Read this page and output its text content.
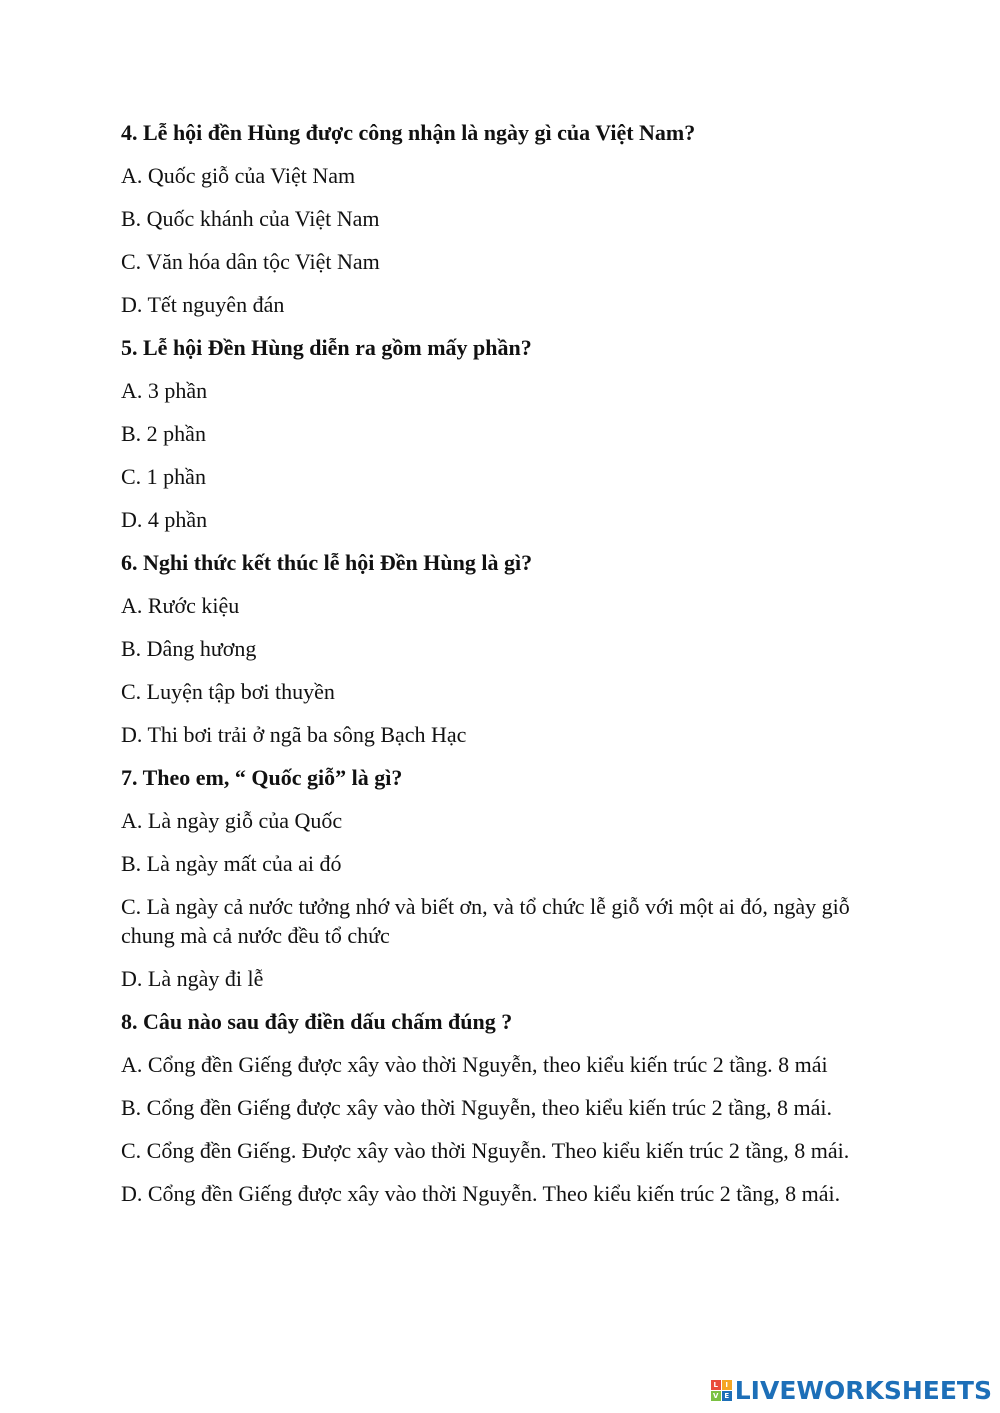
4. Lễ hội đền Hùng được công nhận là ngày gì của Việt Nam?

A. Quốc giỗ của Việt Nam

B. Quốc khánh của Việt Nam

C. Văn hóa dân tộc Việt Nam

D. Tết nguyên đán

5. Lễ hội Đền Hùng diễn ra gồm mấy phần?

A. 3 phần

B. 2 phần

C. 1 phần

D. 4 phần

6. Nghi thức kết thúc lễ hội Đền Hùng là gì?

A. Rước kiệu

B. Dâng hương

C. Luyện tập bơi thuyền

D. Thi bơi trải ở ngã ba sông Bạch Hạc

7. Theo em, “ Quốc giỗ” là gì?

A. Là ngày giỗ của Quốc

B. Là ngày mất của ai đó

C. Là ngày cả nước tưởng nhớ và biết ơn, và tổ chức lễ giỗ với một ai đó, ngày giỗ chung mà cả nước đều tổ chức

D. Là ngày đi lễ

8. Câu nào sau đây điền dấu chấm đúng ?

A. Cổng đền Giếng được xây vào thời Nguyễn, theo kiểu kiến trúc 2 tầng. 8 mái

B. Cổng đền Giếng được xây vào thời Nguyễn, theo kiểu kiến trúc 2 tầng, 8 mái.

C. Cổng đền Giếng. Được xây vào thời Nguyễn. Theo kiểu kiến trúc 2 tầng, 8 mái.

D. Cổng đền Giếng được xây vào thời Nguyễn. Theo kiểu kiến trúc 2 tầng, 8 mái.

L	I
V E LIVEWORKSHEETS
